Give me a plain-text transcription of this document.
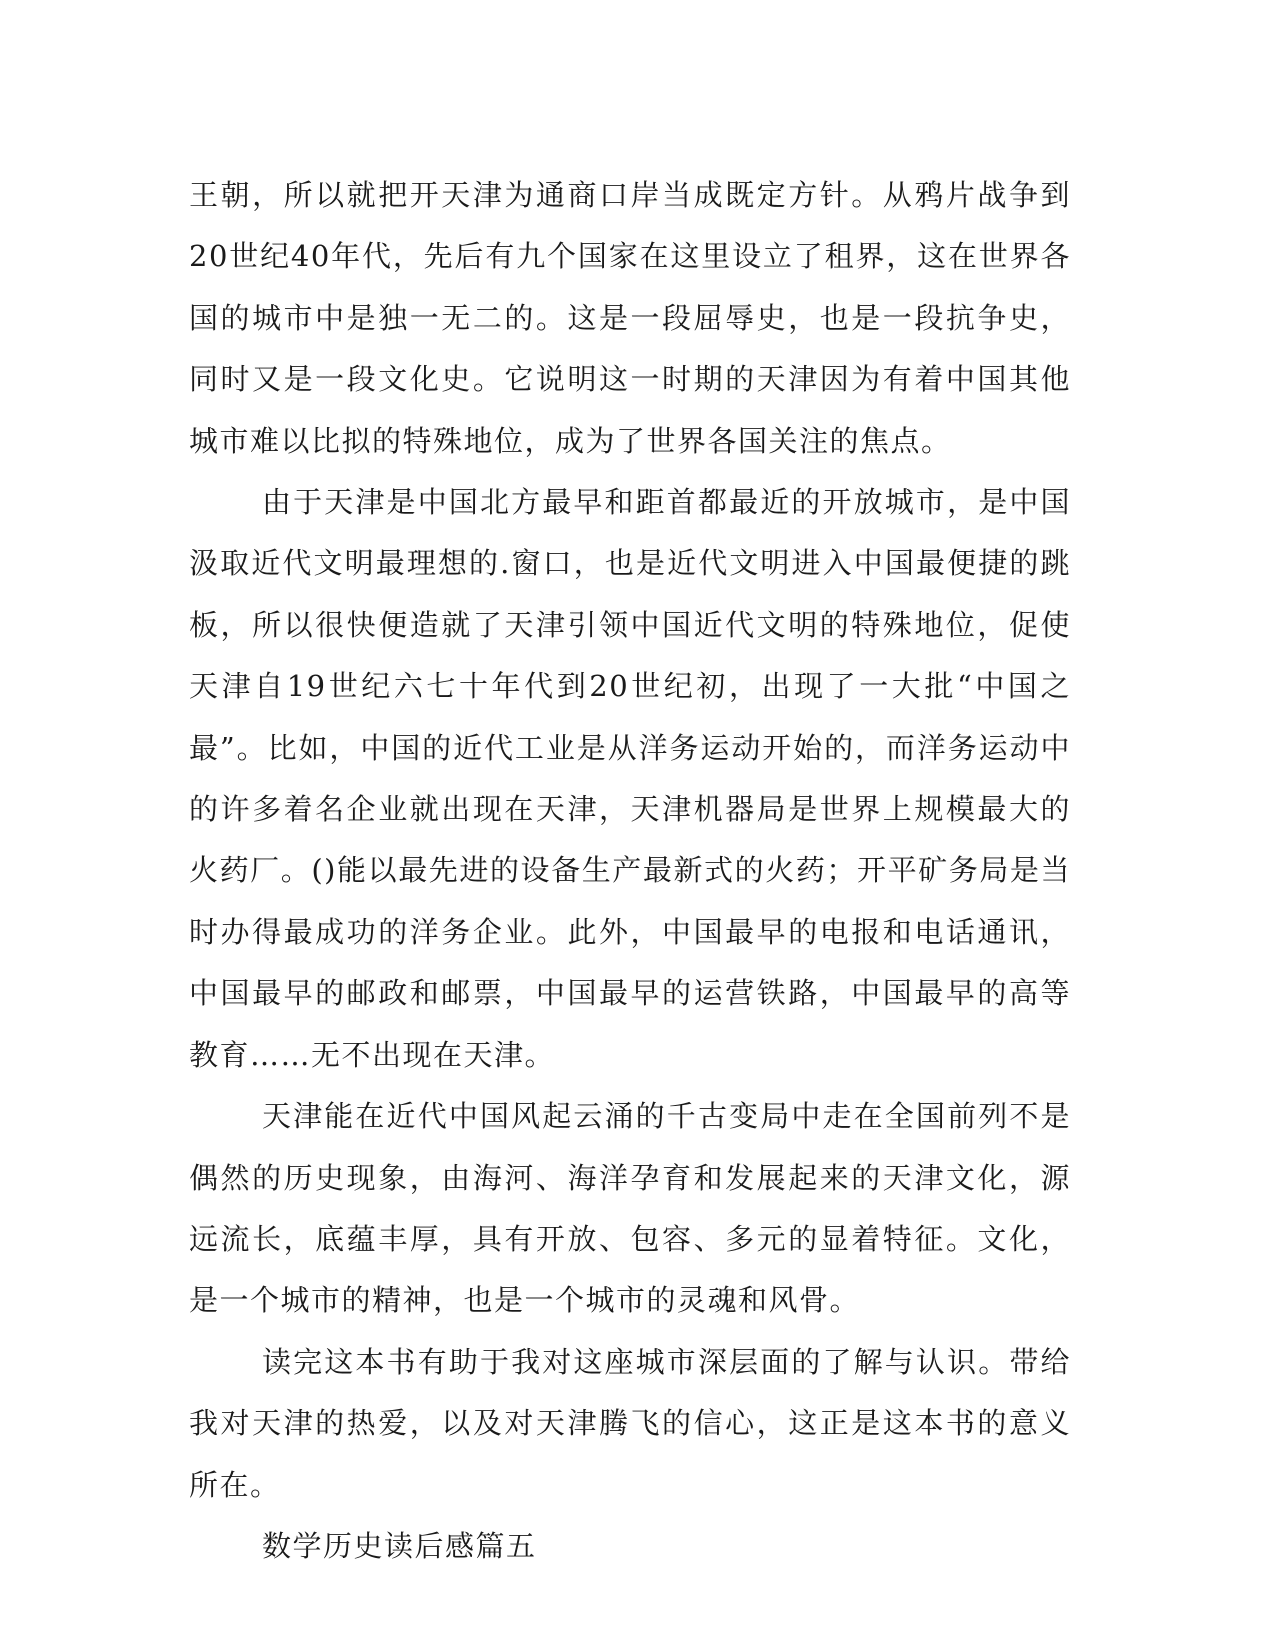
王朝，所以就把开天津为通商口岸当成既定方针。从鸦片战争到20世纪40年代，先后有九个国家在这里设立了租界，这在世界各国的城市中是独一无二的。这是一段屈辱史，也是一段抗争史，同时又是一段文化史。它说明这一时期的天津因为有着中国其他城市难以比拟的特殊地位，成为了世界各国关注的焦点。

由于天津是中国北方最早和距首都最近的开放城市，是中国汲取近代文明最理想的.窗口，也是近代文明进入中国最便捷的跳板，所以很快便造就了天津引领中国近代文明的特殊地位，促使天津自19世纪六七十年代到20世纪初，出现了一大批“中国之最”。比如，中国的近代工业是从洋务运动开始的，而洋务运动中的许多着名企业就出现在天津，天津机器局是世界上规模最大的火药厂。()能以最先进的设备生产最新式的火药；开平矿务局是当时办得最成功的洋务企业。此外，中国最早的电报和电话通讯，中国最早的邮政和邮票，中国最早的运营铁路，中国最早的高等教育……无不出现在天津。

天津能在近代中国风起云涌的千古变局中走在全国前列不是偶然的历史现象，由海河、海洋孕育和发展起来的天津文化，源远流长，底蕴丰厚，具有开放、包容、多元的显着特征。文化，是一个城市的精神，也是一个城市的灵魂和风骨。

读完这本书有助于我对这座城市深层面的了解与认识。带给我对天津的热爱，以及对天津腾飞的信心，这正是这本书的意义所在。

数学历史读后感篇五
